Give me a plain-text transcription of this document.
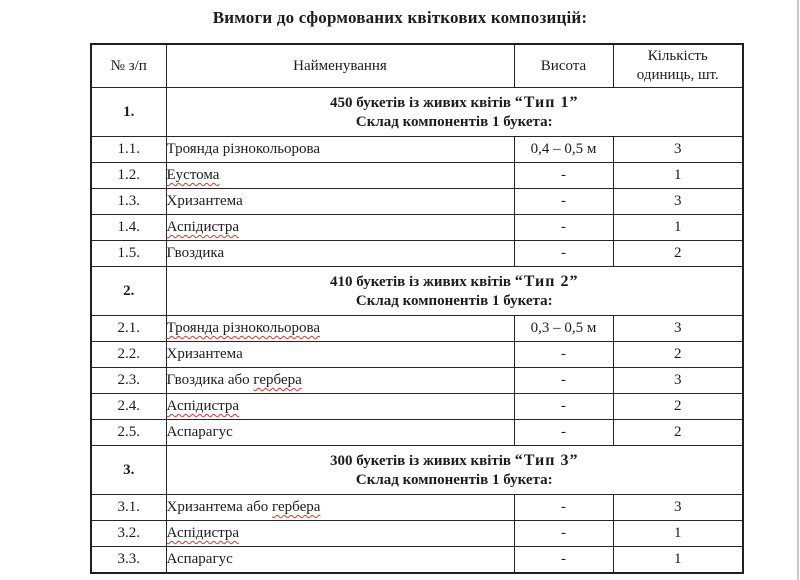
Вимоги до сформованих квіткових композицій:
№ з/п	Найменування	Висота	Кількість одиниць, шт.
1.	450 букетів із живих квітів “Тип 1”
Склад компонентів 1 букета:		

1.1.	Троянда різнокольорова	0,4 – 0,5 м	3
1.2.	Еустома	-	1
1.3.	Хризантема	-	3
1.4.	Аспідистра	-	1
1.5.	Гвоздика	-	2
2.	410 букетів із живих квітів “Тип 2”
Склад компонентів 1 букета:		

2.1.	Троянда різнокольорова	0,3 – 0,5 м	3
2.2.	Хризантема	-	2
2.3.	Гвоздика або гербера	-	3
2.4.	Аспідистра	-	2
2.5.	Аспарагус	-	2
3.	300 букетів із живих квітів “Тип 3”
Склад компонентів 1 букета:		

3.1.	Хризантема або гербера	-	3
3.2.	Аспідистра	-	1
3.3.	Аспарагус	-	1
